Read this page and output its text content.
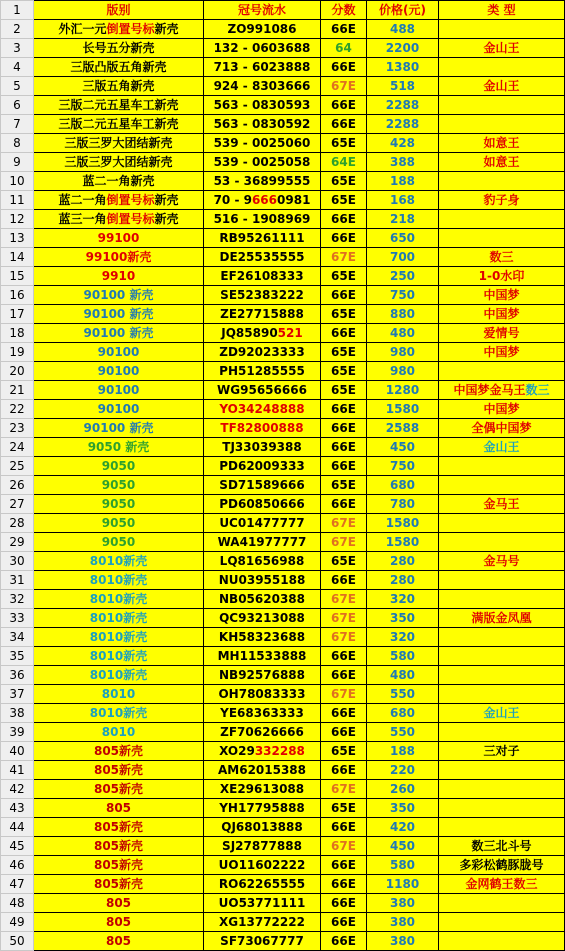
1	版别	冠号流水	分数	价格(元)	类 型
2	外汇一元倒置号标新壳	ZO991086	66E	488	
3	长号五分新壳	132 - 0603688	64	2200	金山王
4	三版凸版五角新壳	713 - 6023888	66E	1380	
5	三版五角新壳	924 - 8303666	67E	518	金山王
6	三版二元五星车工新壳	563 - 0830593	66E	2288	
7	三版二元五星车工新壳	563 - 0830592	66E	2288	
8	三版三罗大团结新壳	539 - 0025060	65E	428	如意王
9	三版三罗大团结新壳	539 - 0025058	64E	388	如意王
10	蓝二一角新壳	53 - 36899555	65E	188	
11	蓝二一角倒置号标新壳	70 - 96660981	65E	168	豹子身
12	蓝三一角倒置号标新壳	516 - 1908969	66E	218	
13	99100	RB95261111	66E	650	
14	99100新壳	DE25535555	67E	700	数三
15	9910	EF26108333	65E	250	1-0水印
16	90100 新壳	SE52383222	66E	750	中国梦
17	90100 新壳	ZE27715888	65E	880	中国梦
18	90100 新壳	JQ85890521	66E	480	爱情号
19	90100	ZD92023333	65E	980	中国梦
20	90100	PH51285555	65E	980	
21	90100	WG95656666	65E	1280	中国梦金马王数三
22	90100	YO34248888	66E	1580	中国梦
23	90100 新壳	TF82800888	66E	2588	全偶中国梦
24	9050 新壳	TJ33039388	66E	450	金山王
25	9050	PD62009333	66E	750	
26	9050	SD71589666	65E	680	
27	9050	PD60850666	66E	780	金马王
28	9050	UC01477777	67E	1580	
29	9050	WA41977777	67E	1580	
30	8010新壳	LQ81656988	65E	280	金马号
31	8010新壳	NU03955188	66E	280	
32	8010新壳	NB05620388	67E	320	
33	8010新壳	QC93213088	67E	350	满版金凤凰
34	8010新壳	KH58323688	67E	320	
35	8010新壳	MH11533888	66E	580	
36	8010新壳	NB92576888	66E	480	
37	8010	OH78083333	67E	550	
38	8010新壳	YE68363333	66E	680	金山王
39	8010	ZF70626666	66E	550	
40	805新壳	XO29332288	65E	188	三对子
41	805新壳	AM62015388	66E	220	
42	805新壳	XE29613088	67E	260	
43	805	YH17795888	65E	350	
44	805新壳	QJ68013888	66E	420	
45	805新壳	SJ27877888	67E	450	数三北斗号
46	805新壳	UO11602222	66E	580	多彩松鹤豚胧号
47	805新壳	RO62265555	66E	1180	金网鹤王数三
48	805	UO53771111	66E	380	
49	805	XG13772222	66E	380	
50	805	SF73067777	66E	380	
